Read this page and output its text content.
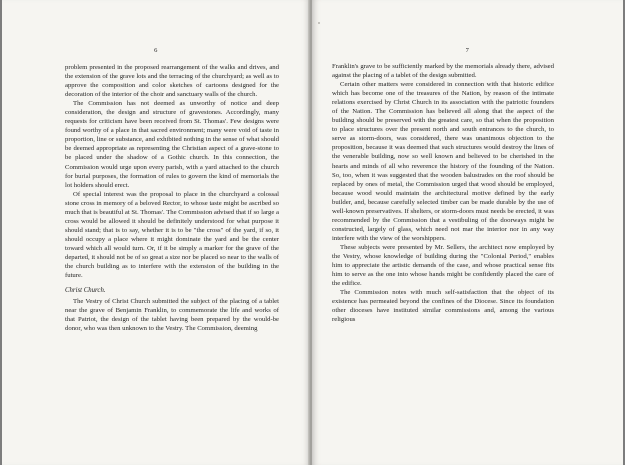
6

problem presented in the proposed rearrangement of the walks and drives, and the extension of the grave lots and the terracing of the churchyard; as well as to approve the composition and color sketches of cartoons designed for the decoration of the interior of the choir and sanctuary walls of the church.

The Commission has not deemed as unworthy of notice and deep consideration, the design and structure of gravestones. Accordingly, many requests for criticism have been received from St. Thomas'. Few designs were found worthy of a place in that sacred environment; many were void of taste in proportion, line or substance, and exhibited nothing in the sense of what should be deemed appropriate as representing the Christian aspect of a grave-stone to be placed under the shadow of a Gothic church. In this connection, the Commission would urge upon every parish, with a yard attached to the church for burial purposes, the formation of rules to govern the kind of memorials the lot holders should erect.

Of special interest was the proposal to place in the churchyard a colossal stone cross in memory of a beloved Rector, to whose taste might be ascribed so much that is beautiful at St. Thomas'. The Commission advised that if so large a cross would be allowed it should be definitely understood for what purpose it should stand; that is to say, whether it is to be "the cross" of the yard, if so, it should occupy a place where it might dominate the yard and be the center toward which all would turn. Or, if it be simply a marker for the grave of the departed, it should not be of so great a size nor be placed so near to the walls of the church building as to interfere with the extension of the building in the future.

Christ Church.

The Vestry of Christ Church submitted the subject of the placing of a tablet near the grave of Benjamin Franklin, to commemorate the life and works of that Patriot, the design of the tablet having been prepared by the would-be donor, who was then unknown to the Vestry. The Commission, deeming

7

Franklin's grave to be sufficiently marked by the memorials already there, advised against the placing of a tablet of the design submitted.

Certain other matters were considered in connection with that historic edifice which has become one of the treasures of the Nation, by reason of the intimate relations exercised by Christ Church in its association with the patriotic founders of the Nation. The Commission has believed all along that the aspect of the building should be preserved with the greatest care, so that when the proposition to place structures over the present north and south entrances to the church, to serve as storm-doors, was considered, there was unanimous objection to the proposition, because it was deemed that such structures would destroy the lines of the venerable building, now so well known and believed to be cherished in the hearts and minds of all who reverence the history of the founding of the Nation. So, too, when it was suggested that the wooden balustrades on the roof should be replaced by ones of metal, the Commission urged that wood should be employed, because wood would maintain the architectural motive defined by the early builder, and, because carefully selected timber can be made durable by the use of well-known preservatives. If shelters, or storm-doors must needs be erected, it was recommended by the Commission that a vestibuling of the doorways might be constructed, largely of glass, which need not mar the interior nor in any way interfere with the view of the worshippers.

These subjects were presented by Mr. Sellers, the architect now employed by the Vestry, whose knowledge of building during the "Colonial Period," enables him to appreciate the artistic demands of the case, and whose practical sense fits him to serve as the one into whose hands might be confidently placed the care of the edifice.

The Commission notes with much self-satisfaction that the object of its existence has permeated beyond the confines of the Diocese. Since its foundation other dioceses have instituted similar commissions and, among the various religious
